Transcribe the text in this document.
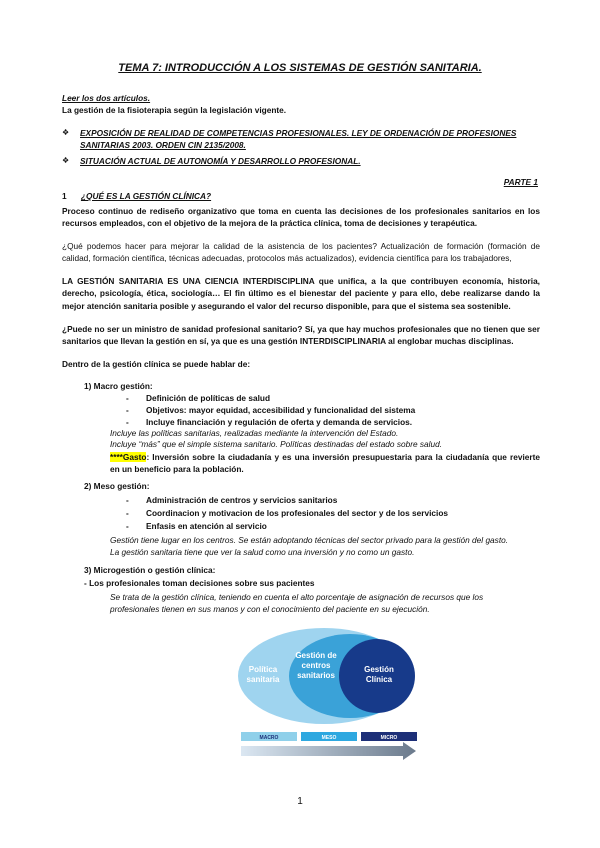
TEMA 7: INTRODUCCIÓN A LOS SISTEMAS DE GESTIÓN SANITARIA.
Leer los dos artículos.
La gestión de la fisioterapia según la legislación vigente.
❖ EXPOSICIÓN DE REALIDAD DE COMPETENCIAS PROFESIONALES. LEY DE ORDENACIÓN DE PROFESIONES SANITARIAS 2003. ORDEN CIN 2135/2008.
❖ SITUACIÓN ACTUAL DE AUTONOMÍA Y DESARROLLO PROFESIONAL.
PARTE 1
1 ¿QUÉ ES LA GESTIÓN CLÍNICA?
Proceso continuo de rediseño organizativo que toma en cuenta las decisiones de los profesionales sanitarios en los recursos empleados, con el objetivo de la mejora de la práctica clínica, toma de decisiones y terapéutica.
¿Qué podemos hacer para mejorar la calidad de la asistencia de los pacientes? Actualización de formación (formación de calidad, formación científica, técnicas adecuadas, protocolos más actualizados), evidencia científica para los trabajadores,
LA GESTIÓN SANITARIA ES UNA CIENCIA INTERDISCIPLINA que unifica, a la que contribuyen economía, historia, derecho, psicología, ética, sociología… El fin último es el bienestar del paciente y para ello, debe realizarse dando la mejor atención sanitaria posible y asegurando el valor del recurso disponible, para que el sistema sea sostenible.
¿Puede no ser un ministro de sanidad profesional sanitario? Sí, ya que hay muchos profesionales que no tienen que ser sanitarios que llevan la gestión en sí, ya que es una gestión INTERDISCIPLINARIA al englobar muchas disciplinas.
Dentro de la gestión clínica se puede hablar de:
1) Macro gestión:
-	Definición de políticas de salud
-	Objetivos: mayor equidad, accesibilidad y funcionalidad del sistema
-	Incluye financiación y regulación de oferta y demanda de servicios.
Incluye las políticas sanitarias, realizadas mediante la intervención del Estado.
Incluye “más” que el simple sistema sanitario. Políticas destinadas del estado sobre salud.
****Gasto: Inversión sobre la ciudadanía y es una inversión presupuestaria para la ciudadanía que revierte en un beneficio para la población.
2) Meso gestión:
-	Administración de centros y servicios sanitarios
-	Coordinacion y motivacion de los profesionales del sector y de los servicios
-	Enfasis en atención al servicio
Gestión tiene lugar en los centros. Se están adoptando técnicas del sector privado para la gestión del gasto.
La gestión sanitaria tiene que ver la salud como una inversión y no como un gasto.
3) Microgestión o gestión clínica:
- Los profesionales toman decisiones sobre sus pacientes
Se trata de la gestión clínica, teniendo en cuenta el alto porcentaje de asignación de recursos que los profesionales tienen en sus manos y con el conocimiento del paciente en su ejecución.
Política sanitaria
Gestión de centros sanitarios
Gestión Clínica
MACRO	MESO	MICRO
1
